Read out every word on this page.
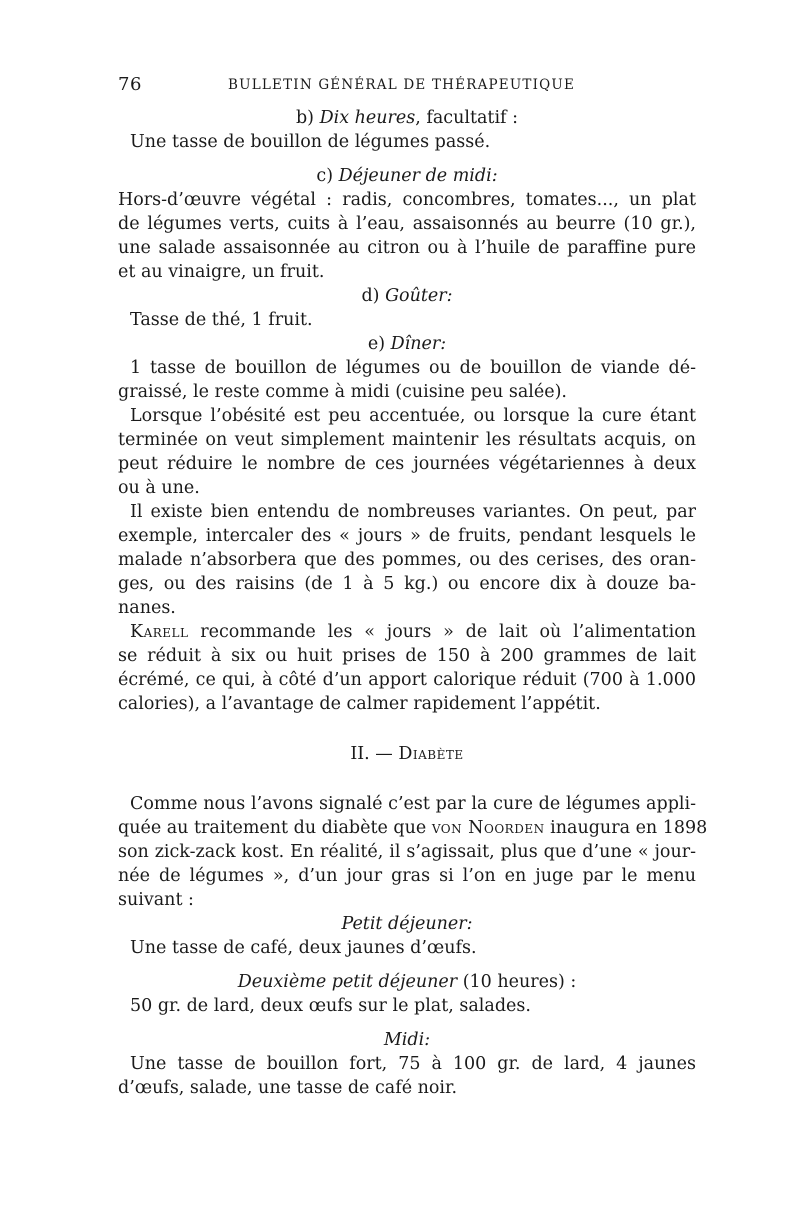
76	BULLETIN GÉNÉRAL DE THÉRAPEUTIQUE
b) Dix heures, facultatif :
Une tasse de bouillon de légumes passé.
c) Déjeuner de midi:
Hors-d’œuvre végétal : radis, concombres, tomates..., un plat
de légumes verts, cuits à l’eau, assaisonnés au beurre (10 gr.),
une salade assaisonnée au citron ou à l’huile de paraffine pure
et au vinaigre, un fruit.
d) Goûter:
Tasse de thé, 1 fruit.
e) Dîner:
1 tasse de bouillon de légumes ou de bouillon de viande dé-
graissé, le reste comme à midi (cuisine peu salée).
Lorsque l’obésité est peu accentuée, ou lorsque la cure étant
terminée on veut simplement maintenir les résultats acquis, on
peut réduire le nombre de ces journées végétariennes à deux
ou à une.
Il existe bien entendu de nombreuses variantes. On peut, par
exemple, intercaler des « jours » de fruits, pendant lesquels le
malade n’absorbera que des pommes, ou des cerises, des oran-
ges, ou des raisins (de 1 à 5 kg.) ou encore dix à douze ba-
nanes.
Karell recommande les « jours » de lait où l’alimentation
se réduit à six ou huit prises de 150 à 200 grammes de lait
écrémé, ce qui, à côté d’un apport calorique réduit (700 à 1.000
calories), a l’avantage de calmer rapidement l’appétit.
II. — Diabète
Comme nous l’avons signalé c’est par la cure de légumes appli-
quée au traitement du diabète que von Noorden inaugura en 1898
son zick-zack kost. En réalité, il s’agissait, plus que d’une « jour-
née de légumes », d’un jour gras si l’on en juge par le menu
suivant :
Petit déjeuner:
Une tasse de café, deux jaunes d’œufs.
Deuxième petit déjeuner (10 heures) :
50 gr. de lard, deux œufs sur le plat, salades.
Midi:
Une tasse de bouillon fort, 75 à 100 gr. de lard, 4 jaunes
d’œufs, salade, une tasse de café noir.
